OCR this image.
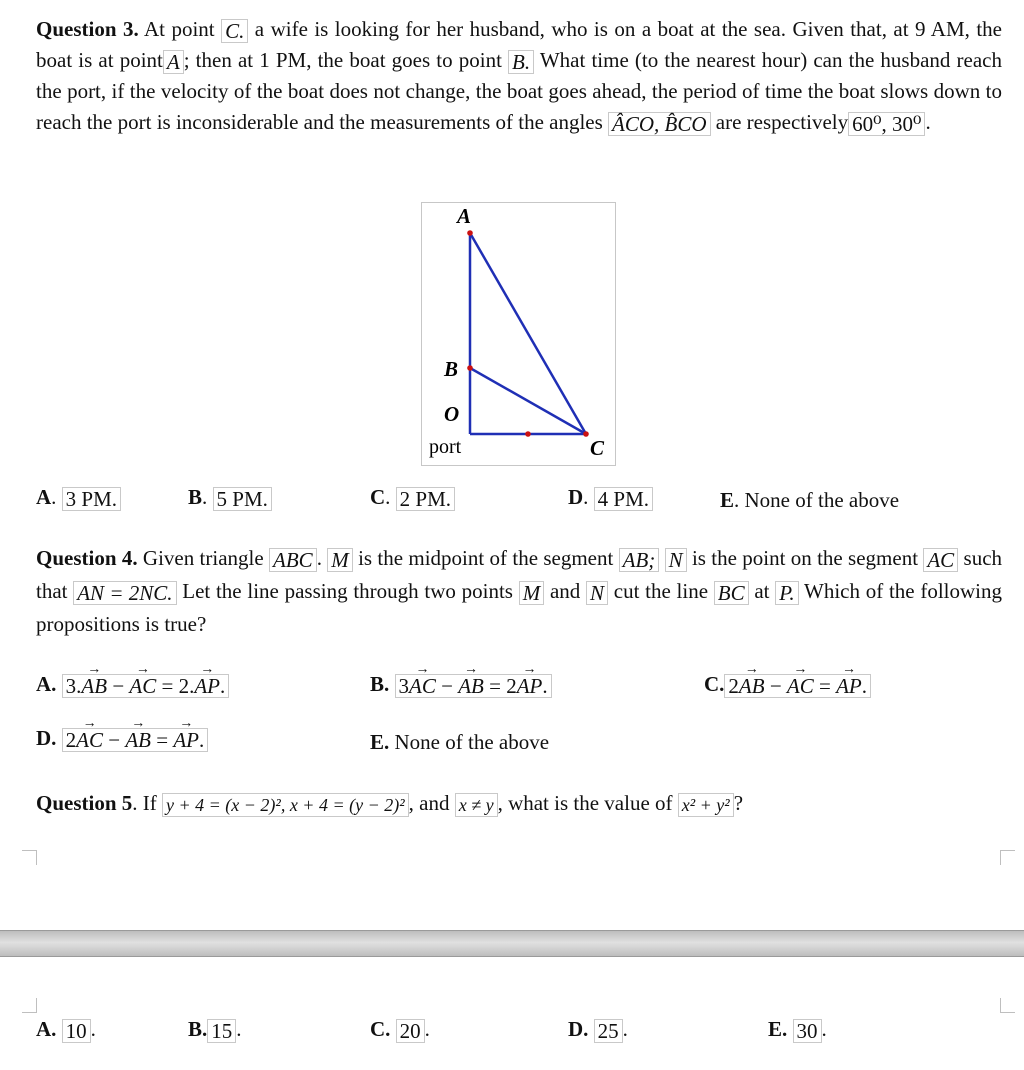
Question 3. At point C. a wife is looking for her husband, who is on a boat at the sea. Given that, at 9 AM, the boat is at point A ; then at 1 PM, the boat goes to point B. What time (to the nearest hour) can the husband reach the port, if the velocity of the boat does not change, the boat goes ahead, the period of time the boat slows down to reach the port is inconsiderable and the measurements of the angles ÂCO, B̂CO are respectively 60⁰, 30⁰ .
A
B
O
port	C
A. 3 PM.	B. 5 PM.	C. 2 PM.	D. 4 PM.	E. None of the above
Question 4. Given triangle ABC . M is the midpoint of the segment AB; N is the point on the segment AC such that AN = 2NC. Let the line passing through two points M and N cut the line BC at P. Which of the following propositions is true?
A. 3.AB → − AC → = 2.AP →.	B. 3AC → − AB → = 2AP →.	C. 2AB → − AC → = AP →.
D. 2AC → − AB → = AP →.	E. None of the above
Question 5. If y + 4 = (x − 2)², x + 4 = (y − 2)² , and x ≠ y , what is the value of x² + y² ?
A. 10 .	B. 15 .	C. 20 .	D. 25 .	E. 30 .
